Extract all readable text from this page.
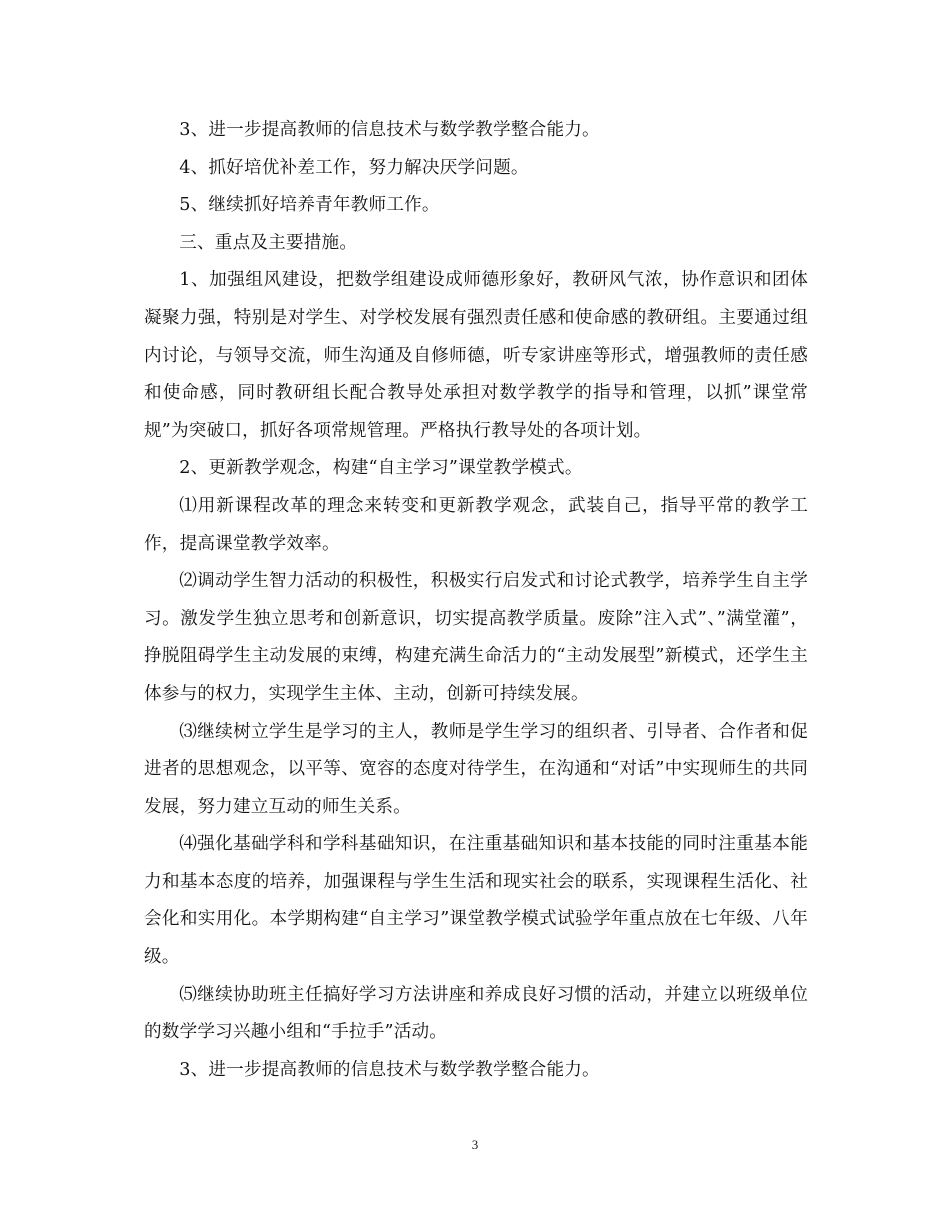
3、进一步提高教师的信息技术与数学教学整合能力。

4、抓好培优补差工作，努力解决厌学问题。

5、继续抓好培养青年教师工作。

三、重点及主要措施。

1、加强组风建设，把数学组建设成师德形象好，教研风气浓，协作意识和团体凝聚力强，特别是对学生、对学校发展有强烈责任感和使命感的教研组。主要通过组内讨论，与领导交流，师生沟通及自修师德，听专家讲座等形式，增强教师的责任感和使命感，同时教研组长配合教导处承担对数学教学的指导和管理，以抓”课堂常规”为突破口，抓好各项常规管理。严格执行教导处的各项计划。

2、更新教学观念，构建“自主学习”课堂教学模式。

⑴用新课程改革的理念来转变和更新教学观念，武装自己，指导平常的教学工作，提高课堂教学效率。

⑵调动学生智力活动的积极性，积极实行启发式和讨论式教学，培养学生自主学习。激发学生独立思考和创新意识，切实提高教学质量。废除”注入式”、”满堂灌”，挣脱阻碍学生主动发展的束缚，构建充满生命活力的“主动发展型”新模式，还学生主体参与的权力，实现学生主体、主动，创新可持续发展。

⑶继续树立学生是学习的主人，教师是学生学习的组织者、引导者、合作者和促进者的思想观念，以平等、宽容的态度对待学生，在沟通和“对话”中实现师生的共同发展，努力建立互动的师生关系。

⑷强化基础学科和学科基础知识，在注重基础知识和基本技能的同时注重基本能力和基本态度的培养，加强课程与学生生活和现实社会的联系，实现课程生活化、社会化和实用化。本学期构建“自主学习”课堂教学模式试验学年重点放在七年级、八年级。

⑸继续协助班主任搞好学习方法讲座和养成良好习惯的活动，并建立以班级单位的数学学习兴趣小组和“手拉手”活动。

3、进一步提高教师的信息技术与数学教学整合能力。

3
